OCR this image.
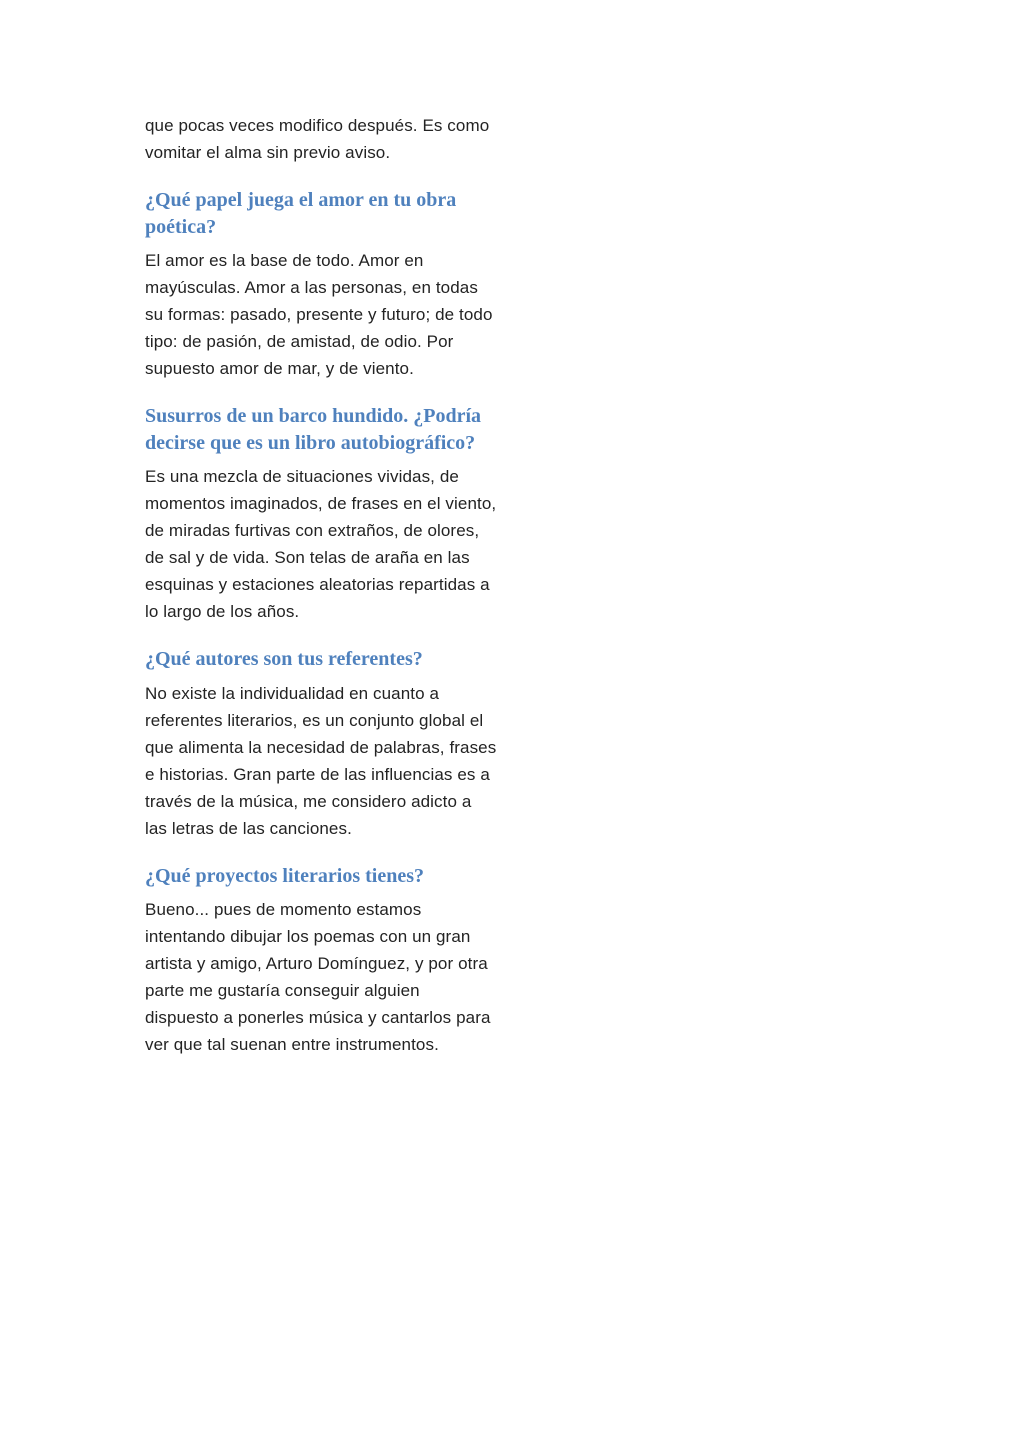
que pocas veces modifico después. Es como vomitar el alma sin previo aviso.

¿Qué papel juega el amor en tu obra poética?

El amor es la base de todo. Amor en mayúsculas. Amor a las personas, en todas su formas: pasado, presente y futuro; de todo tipo: de pasión, de amistad, de odio. Por supuesto amor de mar, y de viento.

Susurros de un barco hundido. ¿Podría decirse que es un libro autobiográfico?

Es una mezcla de situaciones vividas, de momentos imaginados, de frases en el viento, de miradas furtivas con extraños, de olores, de sal y de vida. Son telas de araña en las esquinas y estaciones aleatorias repartidas a lo largo de los años.

¿Qué autores son tus referentes?

No existe la individualidad en cuanto a referentes literarios, es un conjunto global el que alimenta la necesidad de palabras, frases e historias. Gran parte de las influencias es a través de la música, me considero adicto a las letras de las canciones.

¿Qué proyectos literarios tienes?

Bueno... pues de momento estamos intentando dibujar los poemas con un gran artista y amigo, Arturo Domínguez, y por otra parte me gustaría conseguir alguien dispuesto a ponerles música y cantarlos para ver que tal suenan entre instrumentos.
